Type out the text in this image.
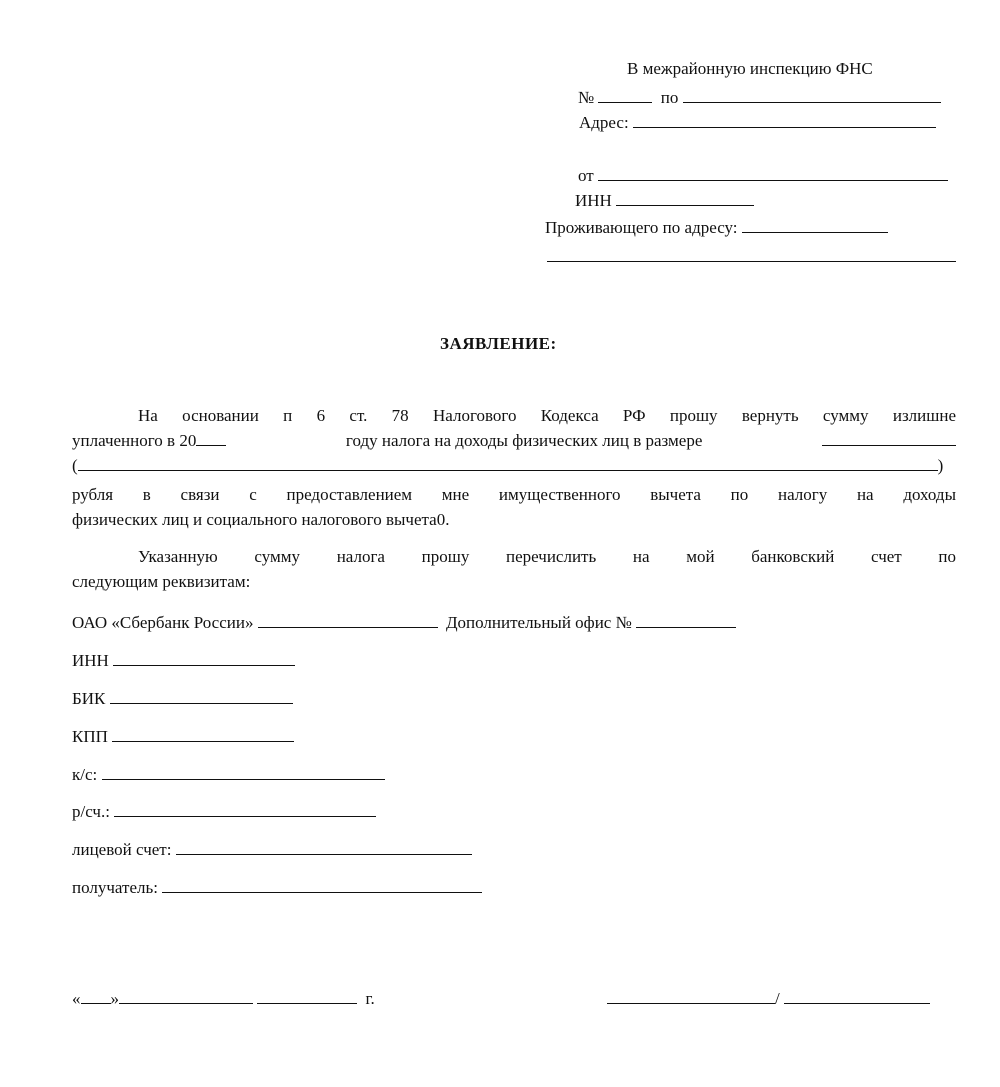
В межрайонную инспекцию ФНС
№	по
Адрес:
от
ИНН
Проживающего по адресу:
ЗАЯВЛЕНИЕ:
На основании п 6 ст. 78 Налогового Кодекса РФ прошу вернуть сумму излишне
уплаченного в 20	году налога на доходы физических лиц в размере
(	)
рубля в связи с предоставлением мне имущественного вычета по налогу на доходы
физических лиц и социального налогового вычета0.
Указанную сумму налога прошу перечислить на мой банковский счет по
следующим реквизитам:
ОАО «Сбербанк России»	Дополнительный офис №
ИНН
БИК
КПП
к/с:
р/сч.:
лицевой счет:
получатель:
« »	г.	/
